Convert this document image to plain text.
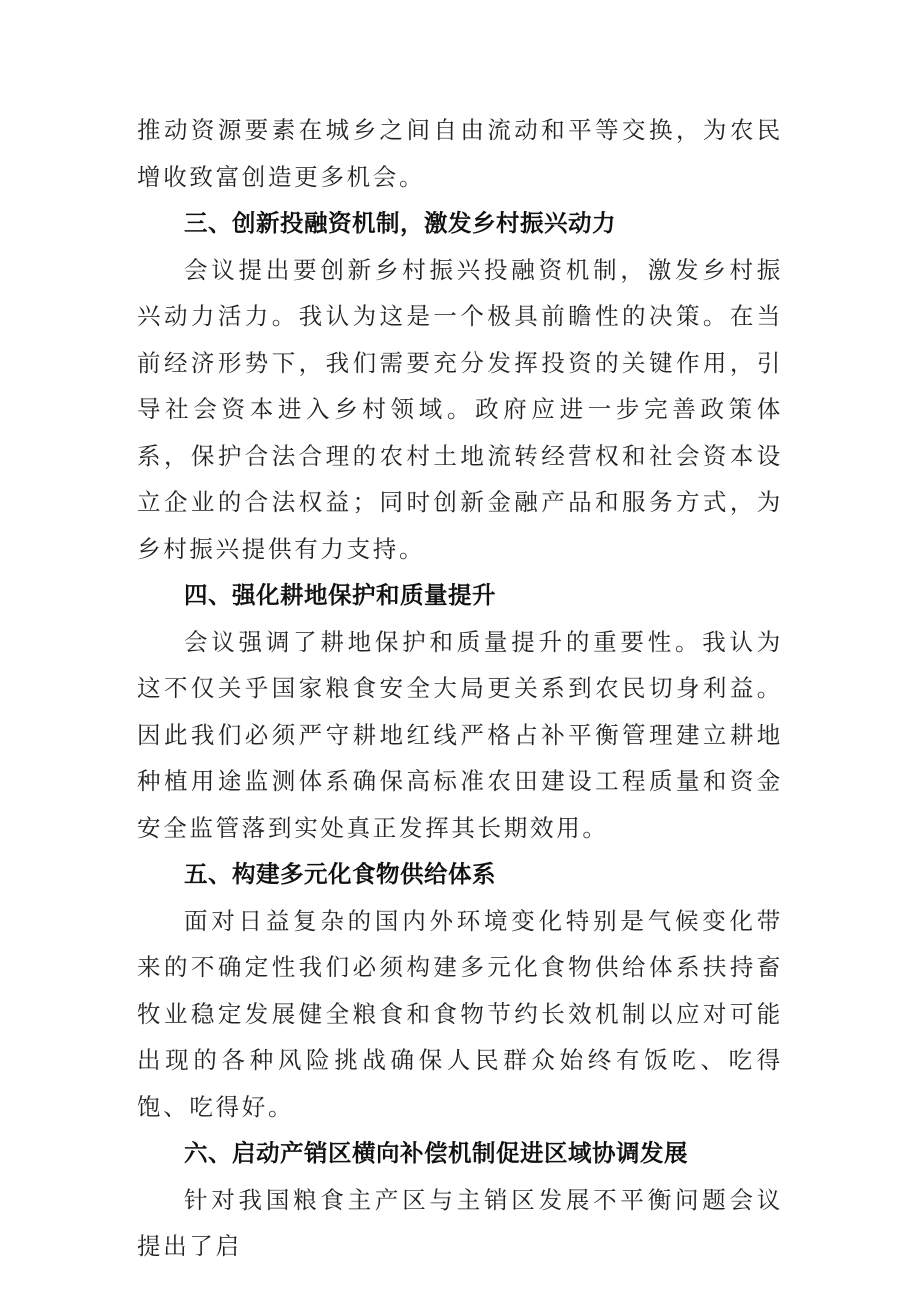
推动资源要素在城乡之间自由流动和平等交换，为农民增收致富创造更多机会。

三、创新投融资机制，激发乡村振兴动力

会议提出要创新乡村振兴投融资机制，激发乡村振兴动力活力。我认为这是一个极具前瞻性的决策。在当前经济形势下，我们需要充分发挥投资的关键作用，引导社会资本进入乡村领域。政府应进一步完善政策体系，保护合法合理的农村土地流转经营权和社会资本设立企业的合法权益；同时创新金融产品和服务方式，为乡村振兴提供有力支持。

四、强化耕地保护和质量提升

会议强调了耕地保护和质量提升的重要性。我认为这不仅关乎国家粮食安全大局更关系到农民切身利益。因此我们必须严守耕地红线严格占补平衡管理建立耕地种植用途监测体系确保高标准农田建设工程质量和资金安全监管落到实处真正发挥其长期效用。

五、构建多元化食物供给体系

面对日益复杂的国内外环境变化特别是气候变化带来的不确定性我们必须构建多元化食物供给体系扶持畜牧业稳定发展健全粮食和食物节约长效机制以应对可能出现的各种风险挑战确保人民群众始终有饭吃、吃得饱、吃得好。

六、启动产销区横向补偿机制促进区域协调发展

针对我国粮食主产区与主销区发展不平衡问题会议提出了启
